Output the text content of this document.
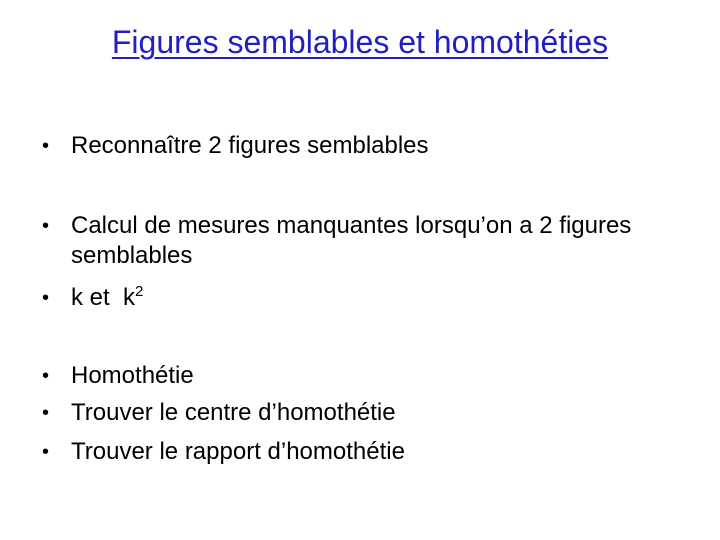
Figures semblables et homothéties
• Reconnaître 2 figures semblables
• Calcul de mesures manquantes lorsqu’on a 2 figures semblables
• k et  $k^2$
• Homothétie
• Trouver le centre d’homothétie
• Trouver le rapport d’homothétie
